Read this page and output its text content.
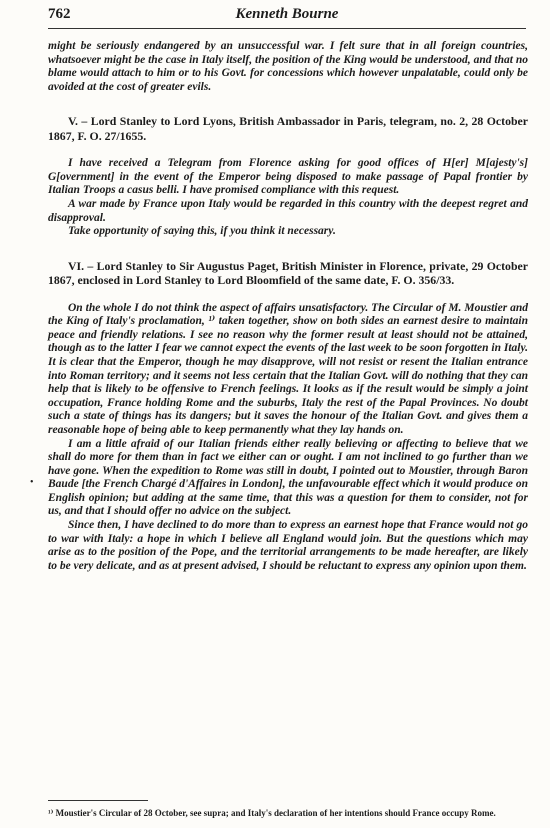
762	Kenneth Bourne

might be seriously endangered by an unsuccessful war. I felt sure that in all foreign countries, whatsoever might be the case in Italy itself, the position of the King would be understood, and that no blame would attach to him or to his Govt. for concessions which however unpalatable, could only be avoided at the cost of greater evils.

V. – Lord Stanley to Lord Lyons, British Ambassador in Paris, telegram, no. 2, 28 October 1867, F. O. 27/1655.

I have received a Telegram from Florence asking for good offices of H[er] M[ajesty's] G[overnment] in the event of the Emperor being disposed to make passage of Papal frontier by Italian Troops a casus belli. I have promised compliance with this request.

A war made by France upon Italy would be regarded in this country with the deepest regret and disapproval.

Take opportunity of saying this, if you think it necessary.

VI. – Lord Stanley to Sir Augustus Paget, British Minister in Florence, private, 29 October 1867, enclosed in Lord Stanley to Lord Bloomfield of the same date, F. O. 356/33.

On the whole I do not think the aspect of affairs unsatisfactory. The Circular of M. Moustier and the King of Italy's proclamation, ¹⁾ taken together, show on both sides an earnest desire to maintain peace and friendly relations. I see no reason why the former result at least should not be attained, though as to the latter I fear we cannot expect the events of the last week to be soon forgotten in Italy. It is clear that the Emperor, though he may disapprove, will not resist or resent the Italian entrance into Roman territory; and it seems not less certain that the Italian Govt. will do nothing that they can help that is likely to be offensive to French feelings. It looks as if the result would be simply a joint occupation, France holding Rome and the suburbs, Italy the rest of the Papal Provinces. No doubt such a state of things has its dangers; but it saves the honour of the Italian Govt. and gives them a reasonable hope of being able to keep permanently what they lay hands on.

I am a little afraid of our Italian friends either really believing or affecting to believe that we shall do more for them than in fact we either can or ought. I am not inclined to go further than we have gone. When the expedition to Rome was still in doubt, I pointed out to Moustier, through Baron Baude [the French Chargé d'Affaires in London], the unfavourable effect which it would produce on English opinion; but adding at the same time, that this was a question for them to consider, not for us, and that I should offer no advice on the subject.

Since then, I have declined to do more than to express an earnest hope that France would not go to war with Italy: a hope in which I believe all England would join. But the questions which may arise as to the position of the Pope, and the territorial arrangements to be made hereafter, are likely to be very delicate, and as at present advised, I should be reluctant to express any opinion upon them.

•
¹⁾ Moustier's Circular of 28 October, see supra; and Italy's declaration of her intentions should France occupy Rome.
